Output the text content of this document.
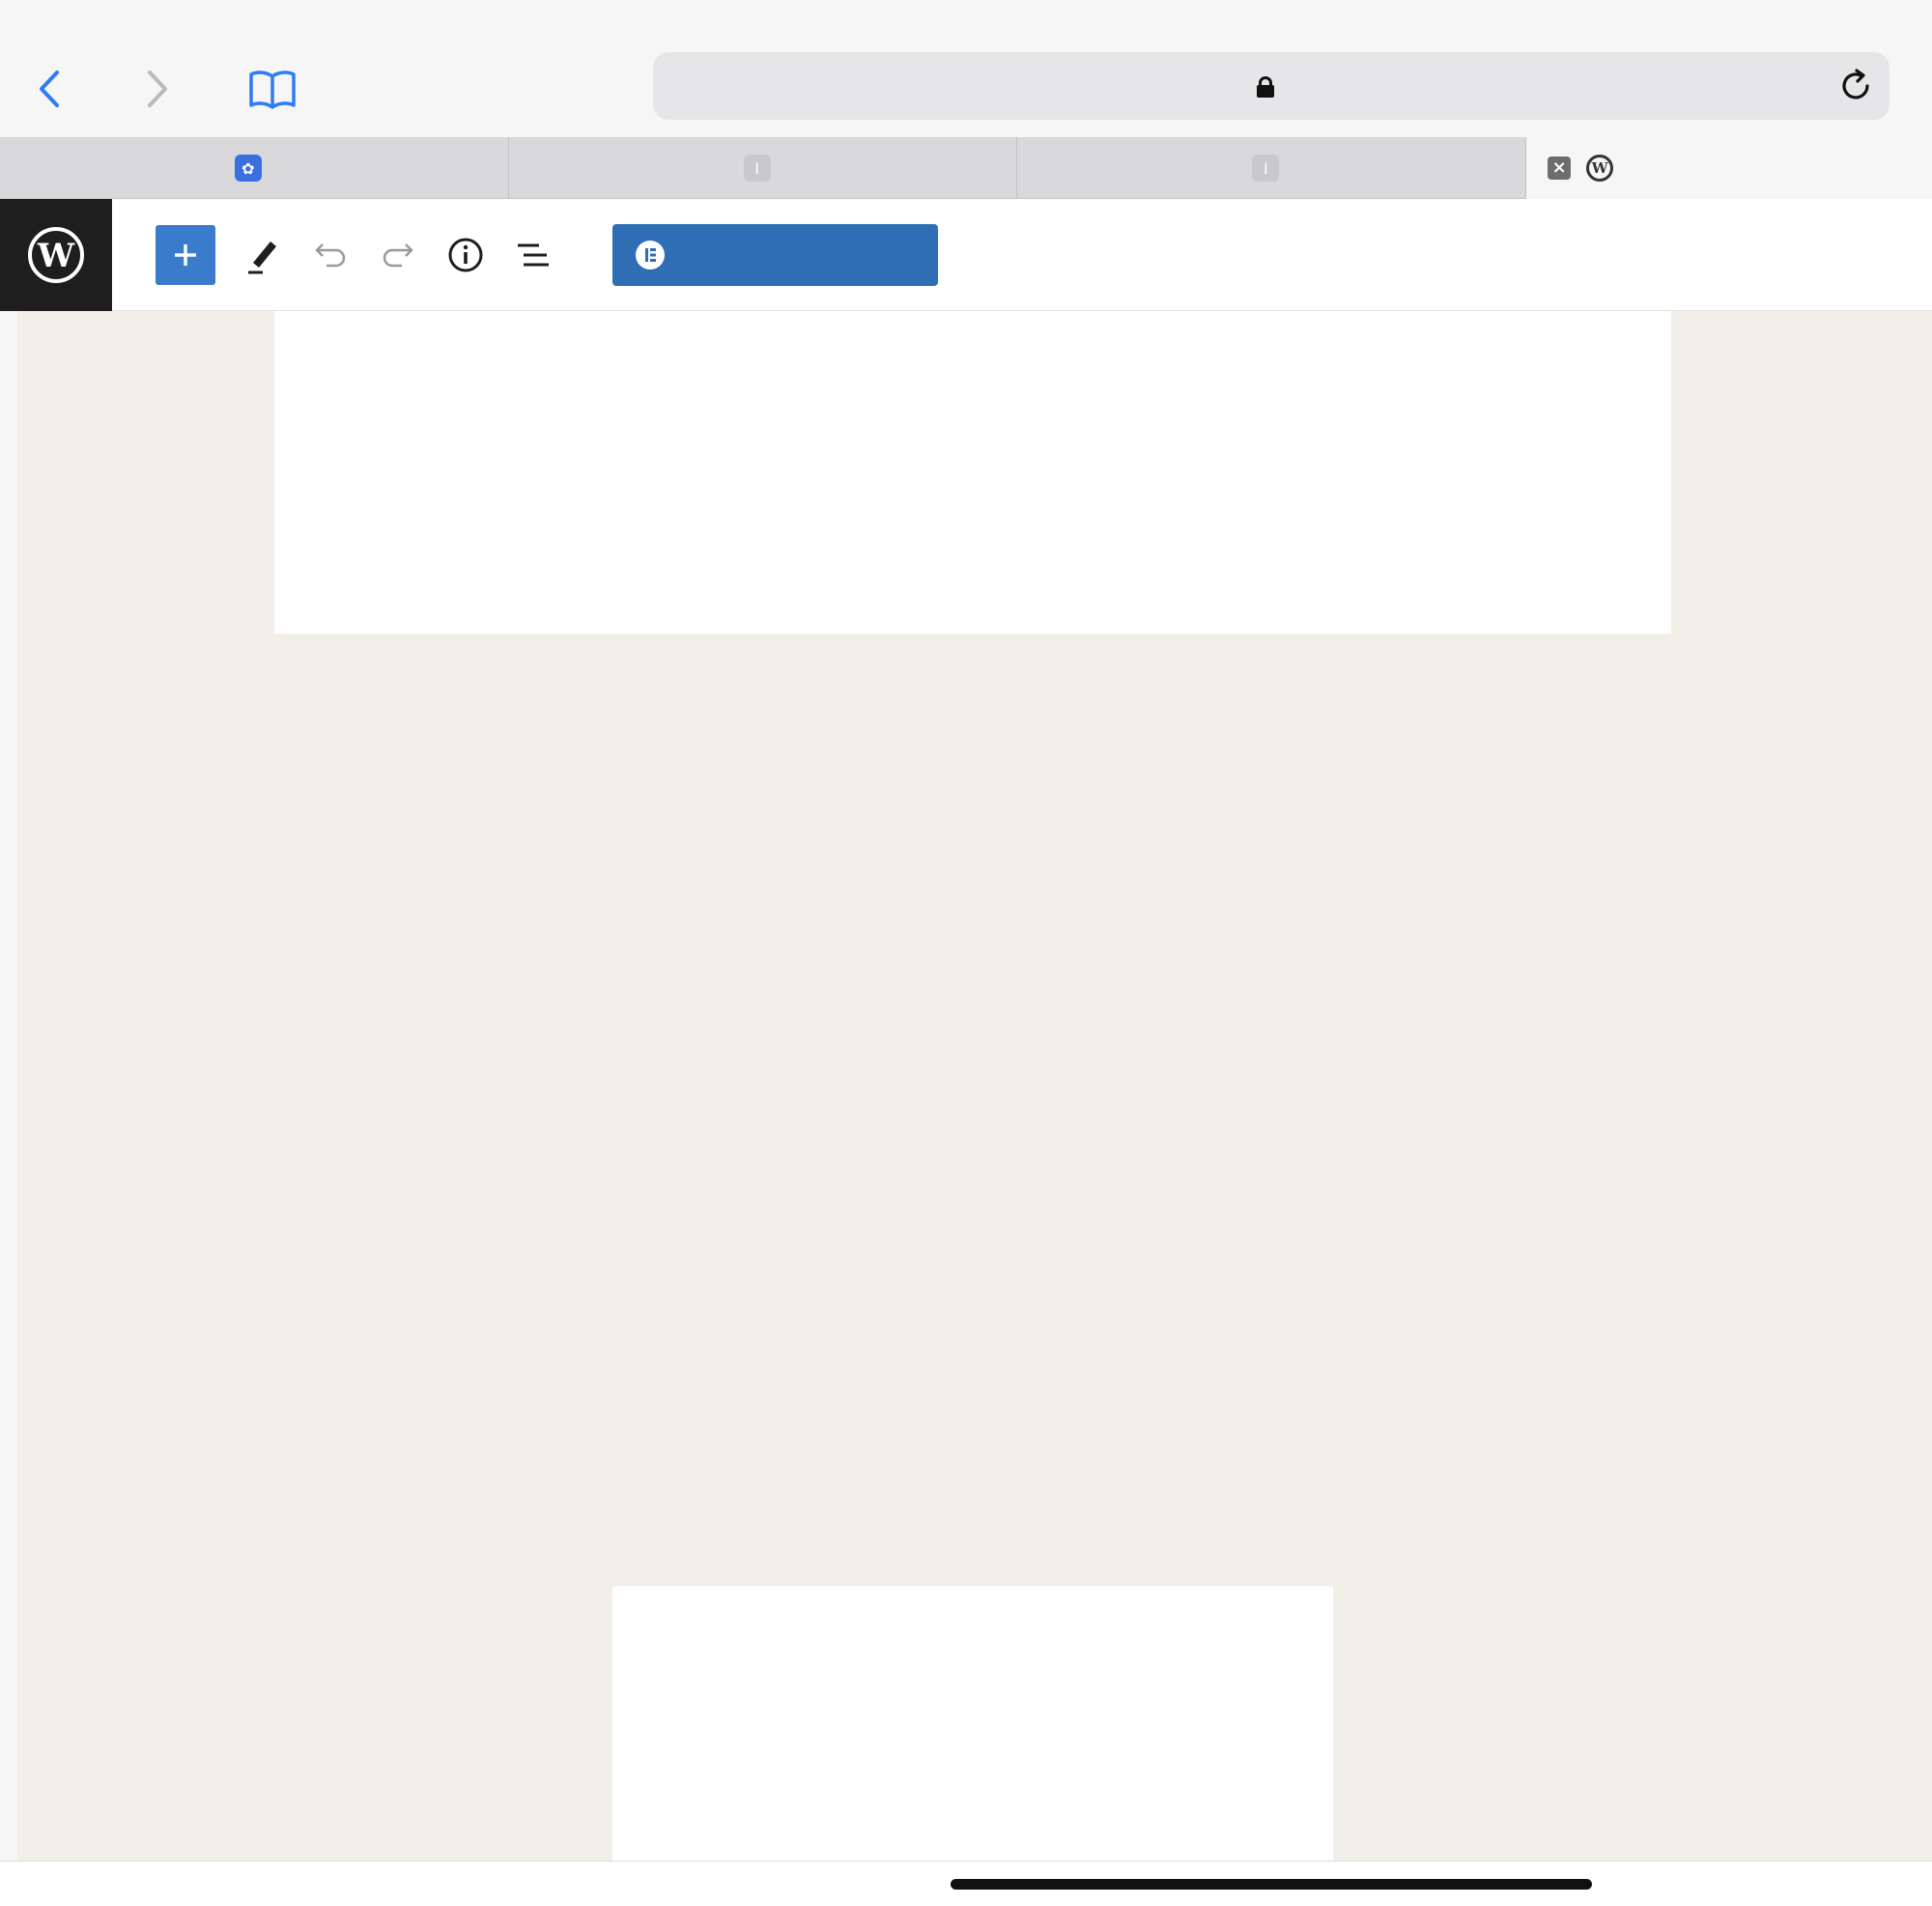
✿	I	I	×	W
W
